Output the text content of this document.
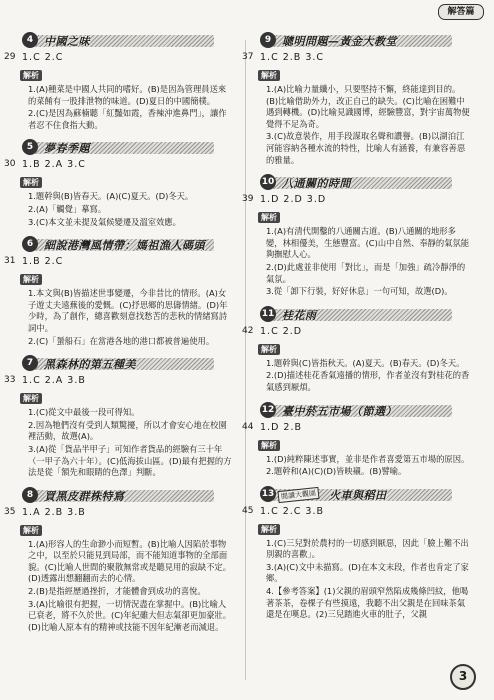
解答篇
4 中國之味
29 1.C 2.C
解析
1.(A)種菜是中國人共同的嗜好。(B)是因為管理員送來的菜餚有一股排泄物的味道。(D)夏日的中國簡樸。
2.(C)是因為蘇楠聽「紅豔如霞，香辣沖進鼻門」，讓作者忍不住食指大動。
5 夢春季題
30 1.B 2.A 3.C
解析
1.題幹與(B)皆春天。(A)(C)夏天。(D)冬天。
2.(A)「觸覺」摹寫。
3.(C)本文並未提及氣候變遷及溫室效應。
6 細說港灣風情帶：媽祖漁人碼頭
31 1.B 2.C
解析
1.本文與(B)皆描述世事變遷，今非昔比的情形。(A)女子遊丈夫遠蕪後的愛慨。(C)抒思鄉的思儔情緒。(D)年少時，為了創作，總喜歡刻意找愁苦的悲秋的情緒寫詩詞中。
2.(C)「蜑船石」在當港各地的港口都被普遍使用。
7 黑森林的第五種美
33 1.C 2.A 3.B
解析
1.(C)從文中最後一段可得知。
2.因為牠們沒有受到人類驚擾，所以才會安心地在校園裡活動，故選(A)。
3.(A)從「貨品半甲子」可知作者貨品的經驗有三十年（一甲子為六十年）。(C)低海拔山區。(D)最有把握的方法是從「額先和眼睛的色澤」判斷。
8 買黑皮群株特寫
35 1.A 2.B 3.B
解析
1.(A)形容人的生命渺小而短暫。(B)比喻人因陷於事物之中，以至於只能見到局部，而不能知道事物的全部面貌。(C)比喻人世間的聚散無常或是聽見用的寂缺不定。(D)透露出想翻翻而去的心情。
2.(B)是指經歷過挫折，才能體會到成功的喜悅。
3.(A)比喻很有把握，一切情況盡在掌握中。(B)比喻人已衰老，將不久於世。(C)年紀雖大但志氣卻更加豪壯。(D)比喻人原本有的精神或技能不因年紀漸老而減退。
9 聰明問題—黃金大教堂
37 1.C 2.B 3.C
解析
1.(A)比喻力量纖小，只要堅持不懈，終能達到目的。(B)比喻借助外力，改正自己的缺失。(C)比喻在困難中遇到轉機。(D)比喻見識國博，經驗豐富，對宇宙萬物便覺得不足為奇。
3.(C)故意裝作，用手段謀取名聲和讚譽。(B)以湖泊江河能容納各種水流的特性，比喻人有涵養，有兼容善惡的雅量。
10 八通關的時間
39 1.D 2.D 3.D
解析
1.(A)有清代開鑿的八通關古道。(B)八通關的地形多變，林相優美，生態豐富。(C)山中自然、奉靜的氣氛能夠撫慰人心。
2.(D)此處並非使用「對比」，而是「加強」疏冷靜淨的氣氛。
3.從「卸下行裝，好好休息」一句可知，故選(D)。
11 桂花雨
42 1.C 2.D
解析
1.題幹與(C)皆指秋天。(A)夏天。(B)春天。(D)冬天。
2.(D)描述桂花香氣遠播的情形，作者並沒有對桂花的香氣感到厭煩。
12 臺中菸五市場（節選）
44 1.D 2.B
解析
1.(D)純粹陳述事實，並非是作者喜愛第五市場的原因。
2.題幹和(A)(C)(D)皆映襯。(B)譬喻。
13 閱讀大觀園	火車與稻田
45 1.C 2.C 3.B
解析
1.(C)三兒對於農村的一切感到厭惡，因此「臉上難不出別親的喜歡」。
3.(A)(C)文中未描寫。(D)在本文末段，作者也肯定了家鄉。
4.【參考答案】(1)父親的眉頭窄然陷成幾條凹紋，他喝著茶茶，卷棵子有些摸遠，我聽不出父親是在回味茶氣還是在嘆息。(2)三兒踏進火車的肚子，父親
3
